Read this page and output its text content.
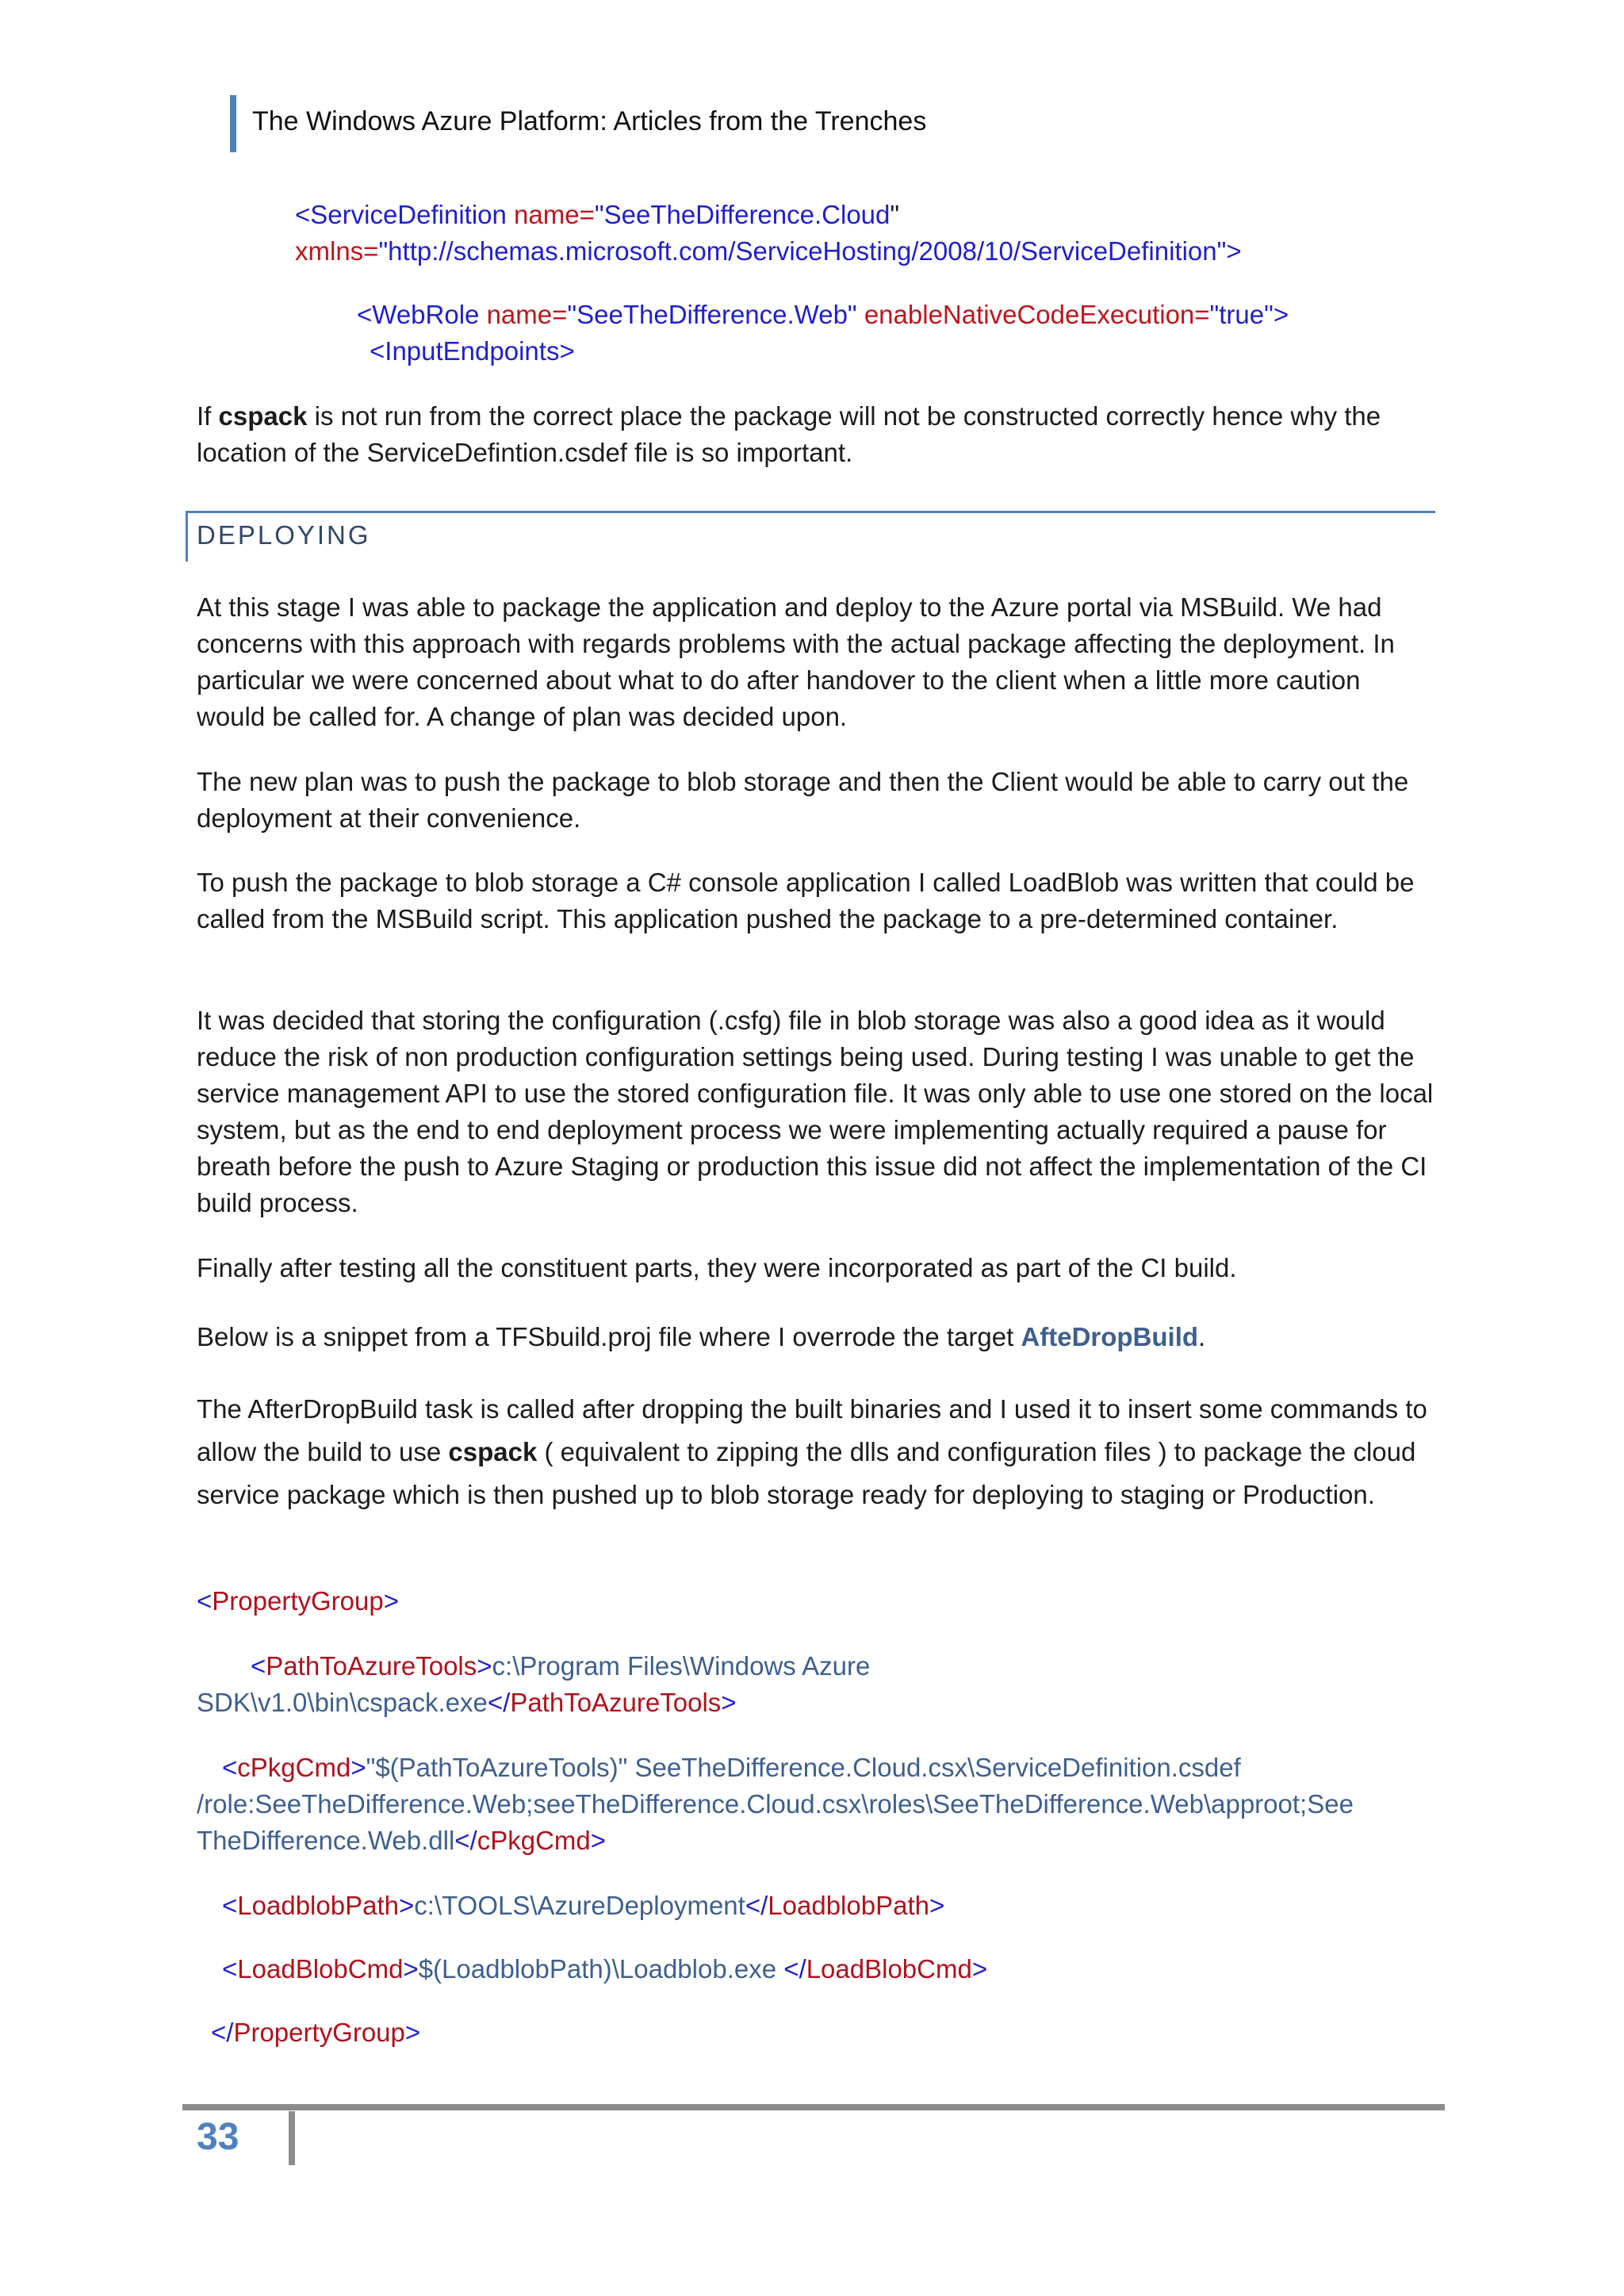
The Windows Azure Platform: Articles from the Trenches
<ServiceDefinition name="SeeTheDifference.Cloud"
xmlns="http://schemas.microsoft.com/ServiceHosting/2008/10/ServiceDefinition">
<WebRole name="SeeTheDifference.Web" enableNativeCodeExecution="true">
<InputEndpoints>

If cspack is not run from the correct place the package will not be constructed correctly hence why the location of the ServiceDefintion.csdef file is so important.

DEPLOYING
At this stage I was able to package the application and deploy to the Azure portal via MSBuild. We had concerns with this approach with regards problems with the actual package affecting the deployment. In particular we were concerned about what to do after handover to the client when a little more caution would be called for. A change of plan was decided upon.
The new plan was to push the package to blob storage and then the Client would be able to carry out the deployment at their convenience.
To push the package to blob storage a C# console application I called LoadBlob was written that could be called from the MSBuild script. This application pushed the package to a pre-determined container.
It was decided that storing the configuration (.csfg) file in blob storage was also a good idea as it would reduce the risk of non production configuration settings being used. During testing I was unable to get the service management API to use the stored configuration file. It was only able to use one stored on the local system, but as the end to end deployment process we were implementing actually required a pause for breath before the push to Azure Staging or production this issue did not affect the implementation of the CI build process.
Finally after testing all the constituent parts, they were incorporated as part of the CI build.

Below is a snippet from a TFSbuild.proj file where I overrode the target AfteDropBuild.

The AfterDropBuild task is called after dropping the built binaries and I used it to insert some commands to allow the build to use cspack ( equivalent to zipping the dlls and configuration files ) to package the cloud service package which is then pushed up to blob storage ready for deploying to staging or Production.

<PropertyGroup>
<PathToAzureTools>c:\Program Files\Windows Azure
SDK\v1.0\bin\cspack.exe</PathToAzureTools>
<cPkgCmd>"$(PathToAzureTools)" SeeTheDifference.Cloud.csx\ServiceDefinition.csdef
/role:SeeTheDifference.Web;seeTheDifference.Cloud.csx\roles\SeeTheDifference.Web\approot;See
TheDifference.Web.dll</cPkgCmd>
<LoadblobPath>c:\TOOLS\AzureDeployment</LoadblobPath>
<LoadBlobCmd>$(LoadblobPath)\Loadblob.exe </LoadBlobCmd>
</PropertyGroup>
33
